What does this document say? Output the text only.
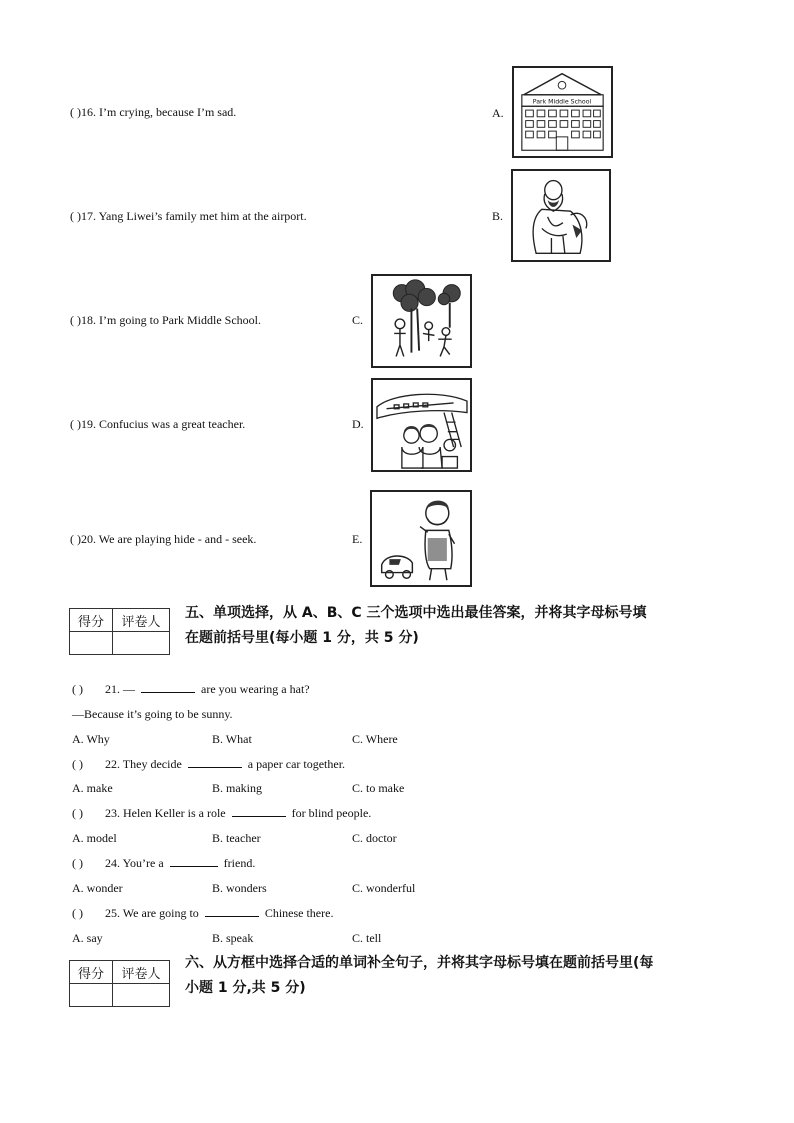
( )16. I’m crying, because I’m sad.
( )17. Yang Liwei’s family met him at the airport.
( )18. I’m going to Park Middle School.
( )19. Confucius was a great teacher.
( )20. We are playing hide - and - seek.
A.
B.
C.
D.
E.
Park Middle School
得分	评卷人

五、单项选择，从 A、B、C 三个选项中选出最佳答案，并将其字母标号填
在题前括号里(每小题 1 分，共 5 分)
( ) 21. —	are you wearing a hat?
—Because it’s going to be sunny.
A. Why	B. What	C. Where
( ) 22. They decide	a paper car together.
A. make	B. making	C. to make
( ) 23. Helen Keller is a role	for blind people.
A. model	B. teacher	C. doctor
( ) 24. You’re a	friend.
A. wonder	B. wonders	C. wonderful
( ) 25. We are going to	Chinese there.
A. say	B. speak	C. tell
得分	评卷人

六、从方框中选择合适的单词补全句子，并将其字母标号填在题前括号里(每
小题 1 分,共 5 分)
